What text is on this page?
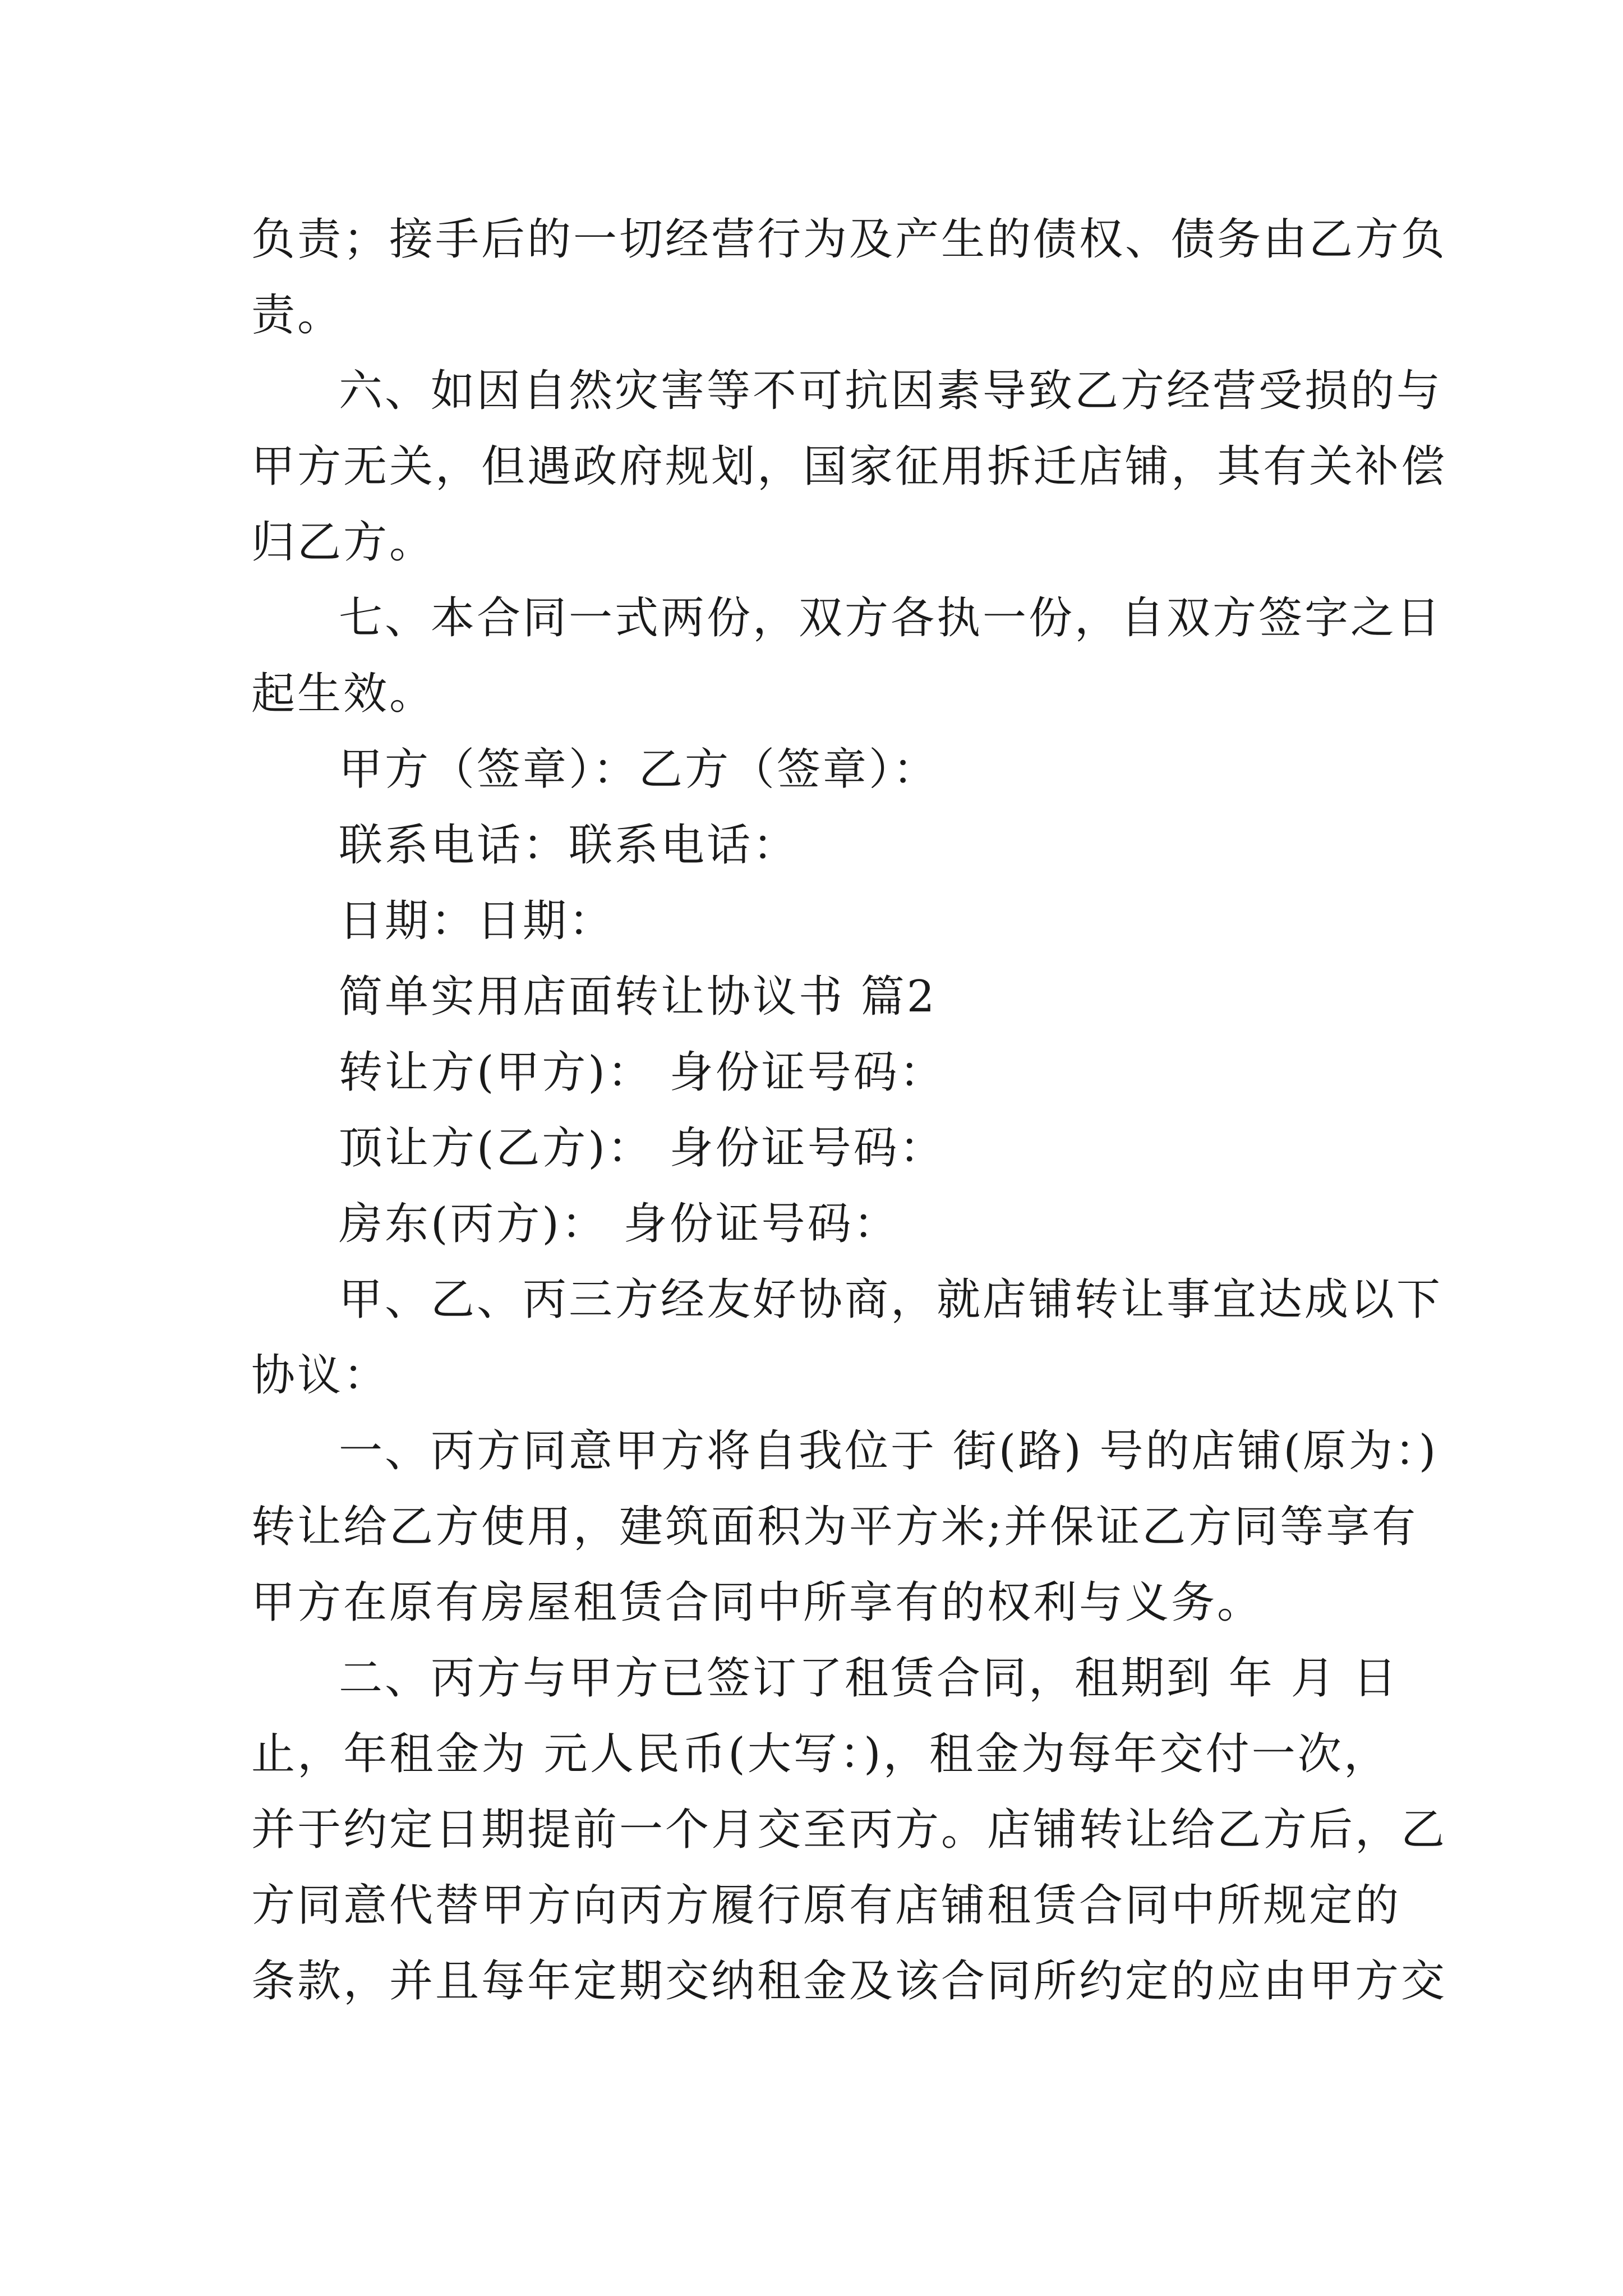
负责；接手后的一切经营行为及产生的债权、债务由乙方负
责。
六、如因自然灾害等不可抗因素导致乙方经营受损的与
甲方无关，但遇政府规划，国家征用拆迁店铺，其有关补偿
归乙方。
七、本合同一式两份，双方各执一份，自双方签字之日
起生效。
甲方（签章）：乙方（签章）：
联系电话：联系电话：
日期：日期：
简单实用店面转让协议书 篇2
转让方(甲方)： 身份证号码：
顶让方(乙方)： 身份证号码：
房东(丙方)： 身份证号码：
甲、乙、丙三方经友好协商，就店铺转让事宜达成以下
协议：
一、丙方同意甲方将自我位于 街(路) 号的店铺(原为：)
转让给乙方使用，建筑面积为平方米;并保证乙方同等享有
甲方在原有房屋租赁合同中所享有的权利与义务。
二、丙方与甲方已签订了租赁合同，租期到 年 月 日
止，年租金为 元人民币(大写：)，租金为每年交付一次，
并于约定日期提前一个月交至丙方。店铺转让给乙方后，乙
方同意代替甲方向丙方履行原有店铺租赁合同中所规定的
条款，并且每年定期交纳租金及该合同所约定的应由甲方交
